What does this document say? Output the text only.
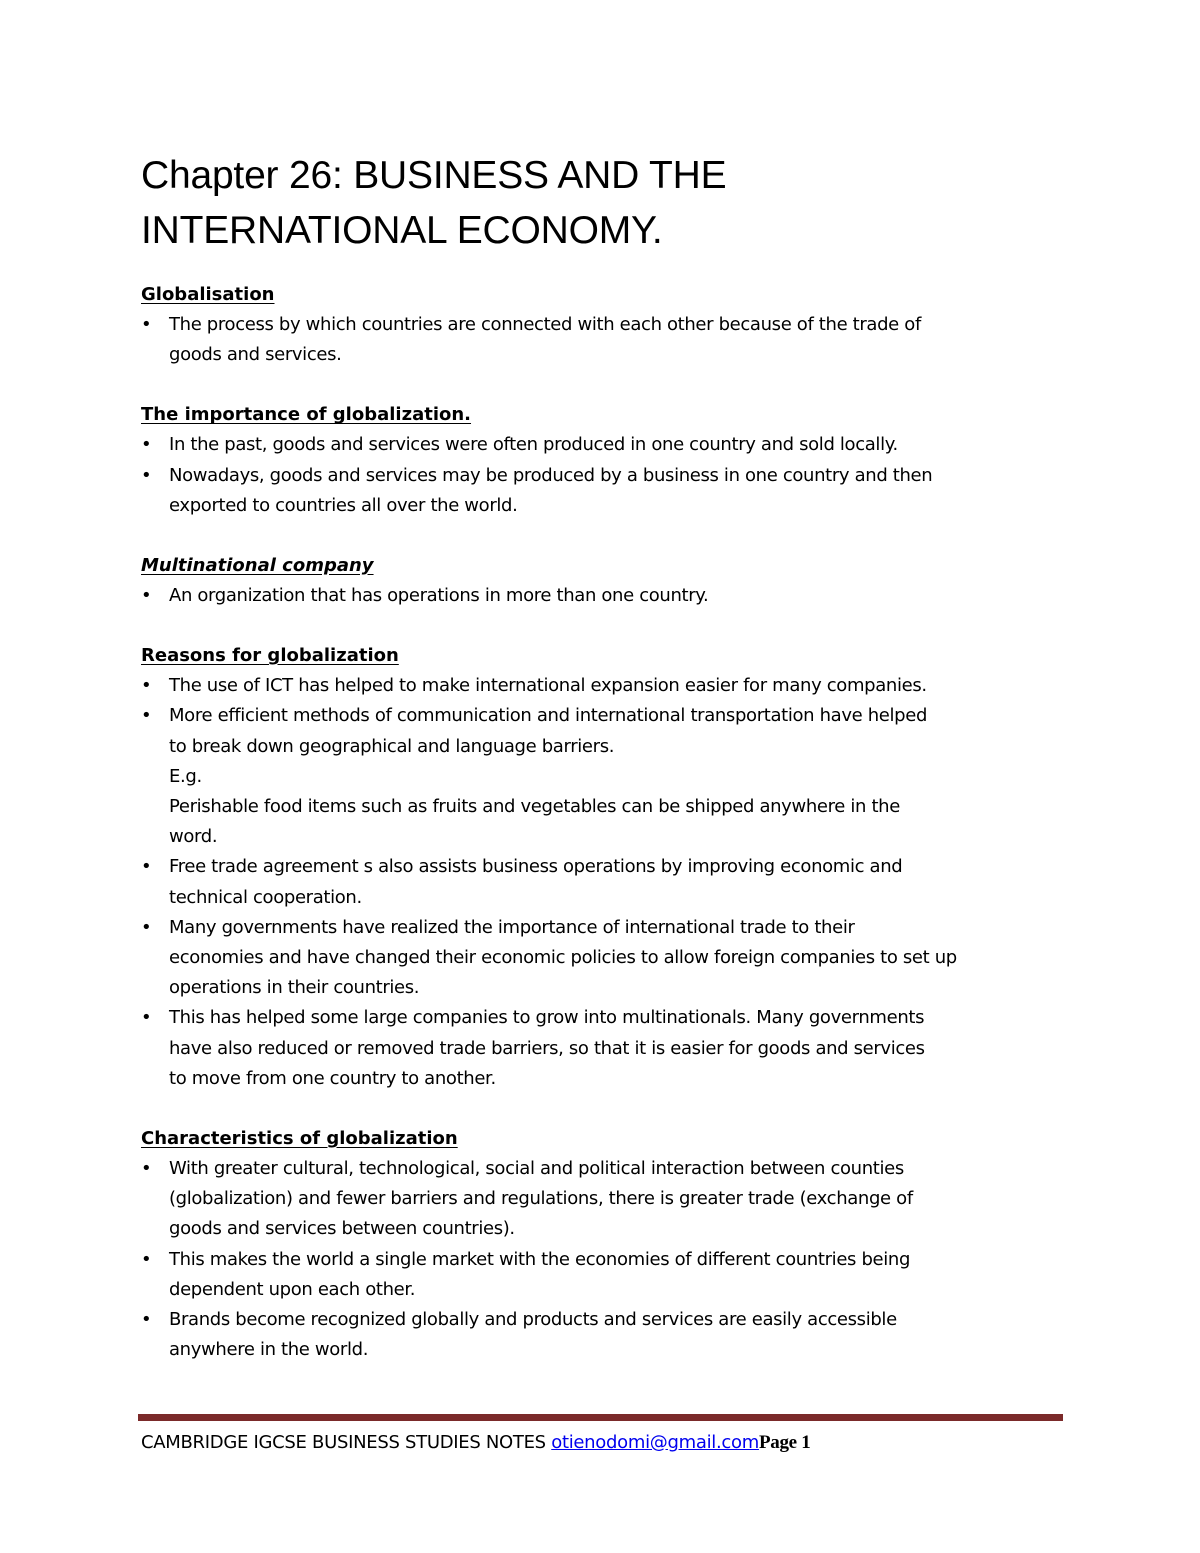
Chapter 26: BUSINESS AND THE
INTERNATIONAL ECONOMY.

Globalisation

• The process by which countries are connected with each other because of the trade of
goods and services.

The importance of globalization.

• In the past, goods and services were often produced in one country and sold locally.
• Nowadays, goods and services may be produced by a business in one country and then
exported to countries all over the world.

Multinational company

• An organization that has operations in more than one country.

Reasons for globalization

• The use of ICT has helped to make international expansion easier for many companies.
• More efficient methods of communication and international transportation have helped
to break down geographical and language barriers.
E.g.
Perishable food items such as fruits and vegetables can be shipped anywhere in the
word.
• Free trade agreement s also assists business operations by improving economic and
technical cooperation.
• Many governments have realized the importance of international trade to their
economies and have changed their economic policies to allow foreign companies to set up
operations in their countries.
• This has helped some large companies to grow into multinationals. Many governments
have also reduced or removed trade barriers, so that it is easier for goods and services
to move from one country to another.

Characteristics of globalization

• With greater cultural, technological, social and political interaction between counties
(globalization) and fewer barriers and regulations, there is greater trade (exchange of
goods and services between countries).
• This makes the world a single market with the economies of different countries being
dependent upon each other.
• Brands become recognized globally and products and services are easily accessible
anywhere in the world.
CAMBRIDGE IGCSE BUSINESS STUDIES NOTES otienodomi@gmail.comPage 1
